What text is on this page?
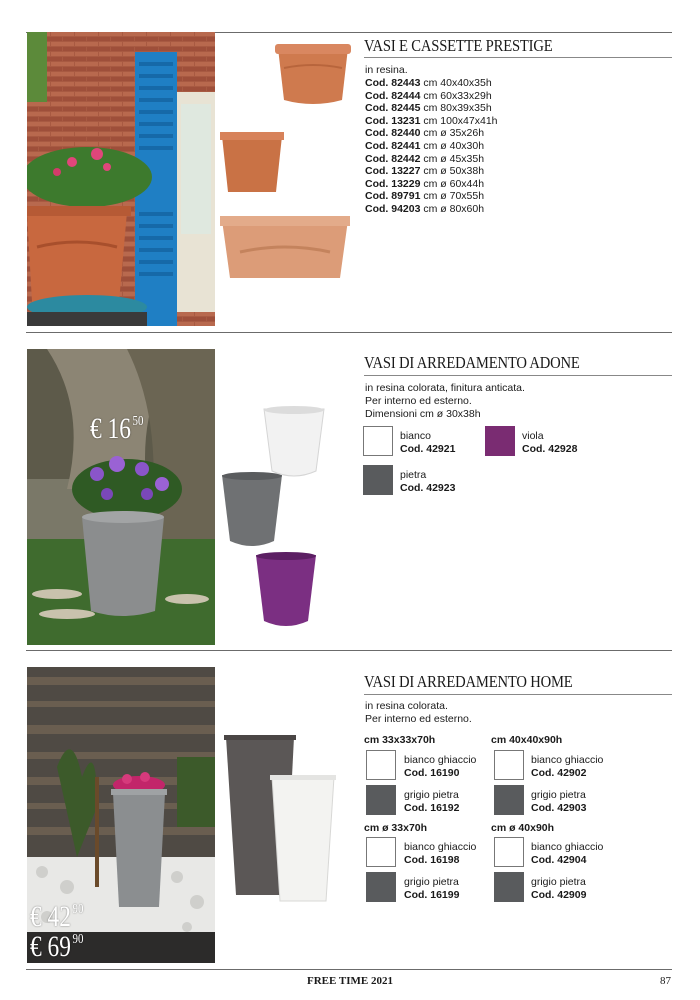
VASI E CASSETTE PRESTIGE
in resina.
Cod. 82443 cm 40x40x35h
Cod. 82444 cm 60x33x29h
Cod. 82445 cm 80x39x35h
Cod. 13231 cm 100x47x41h
Cod. 82440 cm ø 35x26h
Cod. 82441 cm ø 40x30h
Cod. 82442 cm ø 45x35h
Cod. 13227 cm ø 50x38h
Cod. 13229 cm ø 60x44h
Cod. 89791 cm ø 70x55h
Cod. 94203 cm ø 80x60h
€ 16 $^{50}$
VASI DI ARREDAMENTO ADONE
in resina colorata, finitura anticata.
Per interno ed esterno.
Dimensioni cm ø 30x38h
bianco
Cod. 42921
viola
Cod. 42928
pietra
Cod. 42923
€ 42 $^{90}$
€ 69 $^{90}$
VASI DI ARREDAMENTO HOME
in resina colorata.
Per interno ed esterno.
cm 33x33x70h
bianco ghiaccio
Cod. 16190
grigio pietra
Cod. 16192
cm 40x40x90h
bianco ghiaccio
Cod. 42902
grigio pietra
Cod. 42903
cm ø 33x70h
bianco ghiaccio
Cod. 16198
grigio pietra
Cod. 16199
cm ø 40x90h
bianco ghiaccio
Cod. 42904
grigio pietra
Cod. 42909
FREE TIME 2021	87
